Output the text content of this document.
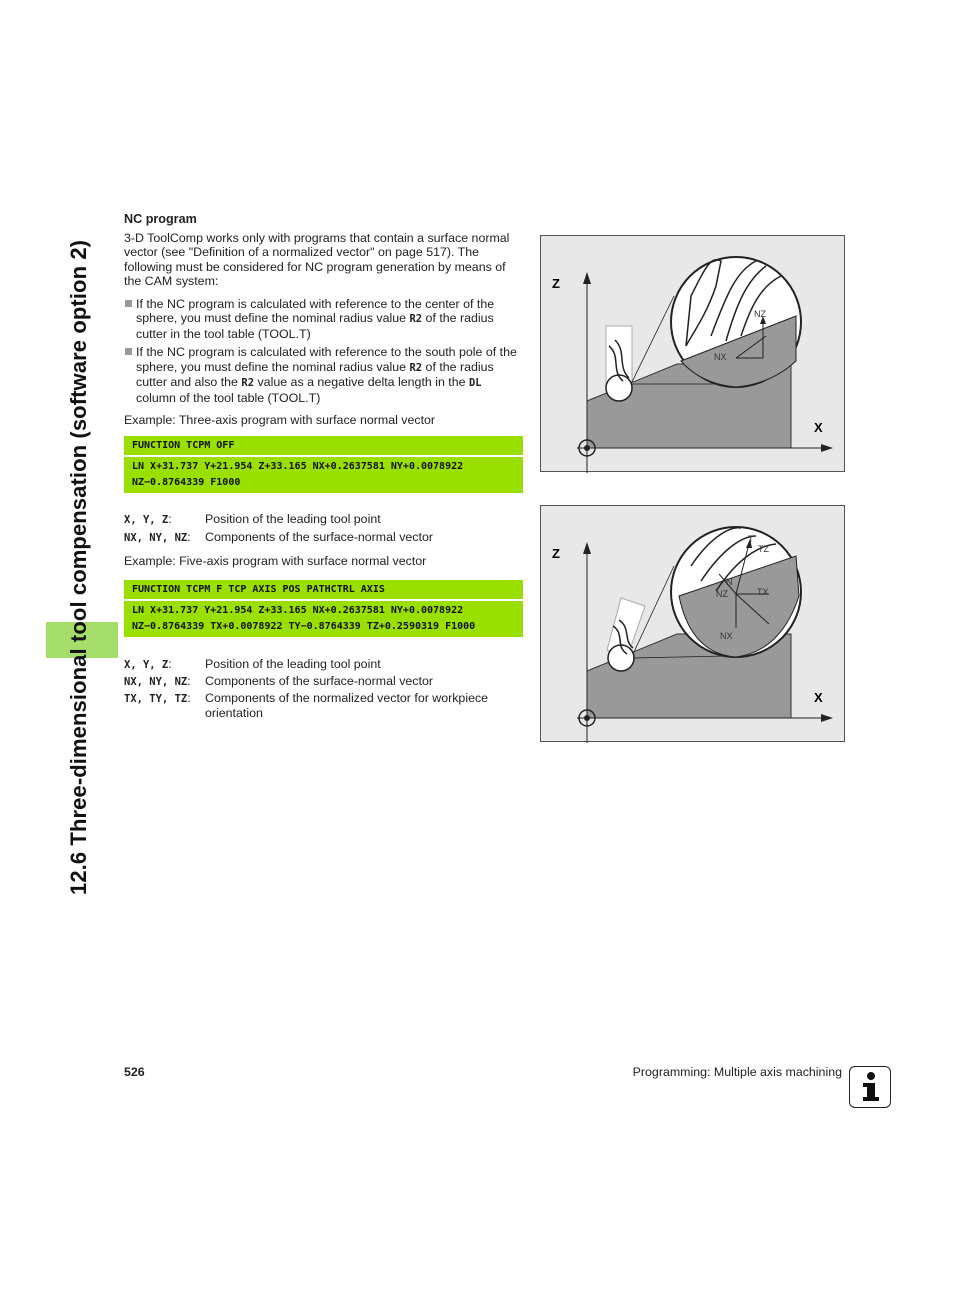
12.6 Three-dimensional tool compensation (software option 2)

NC program

3-D ToolComp works only with programs that contain a surface normal vector (see "Definition of a normalized vector" on page 517). The following must be considered for NC program generation by means of the CAM system:

If the NC program is calculated with reference to the center of the sphere, you must define the nominal radius value R2 of the radius cutter in the tool table (TOOL.T)
If the NC program is calculated with reference to the south pole of the sphere, you must define the nominal radius value R2 of the radius cutter and also the R2 value as a negative delta length in the DL column of the tool table (TOOL.T)

Example: Three-axis program with surface normal vector

FUNCTION TCPM OFF
LN X+31.737 Y+21.954 Z+33.165 NX+0.2637581 NY+0.0078922
NZ−0.8764339 F1000
X, Y, Z:	Position of the leading tool point
NX, NY, NZ: Components of the surface-normal vector
Example: Five-axis program with surface normal vector
FUNCTION TCPM F TCP AXIS POS PATHCTRL AXIS
LN X+31.737 Y+21.954 Z+33.165 NX+0.2637581 NY+0.0078922
NZ−0.8764339 TX+0.0078922 TY−0.8764339 TZ+0.2590319 F1000
X, Y, Z:	Position of the leading tool point
NX, NY, NZ: Components of the surface-normal vector
TX, TY, TZ: Components of the normalized vector for workpiece orientation
Z
X
NZ
NX
Z
X
T
TZ
N
NZ	TX
NX
526	Programming: Multiple axis machining
